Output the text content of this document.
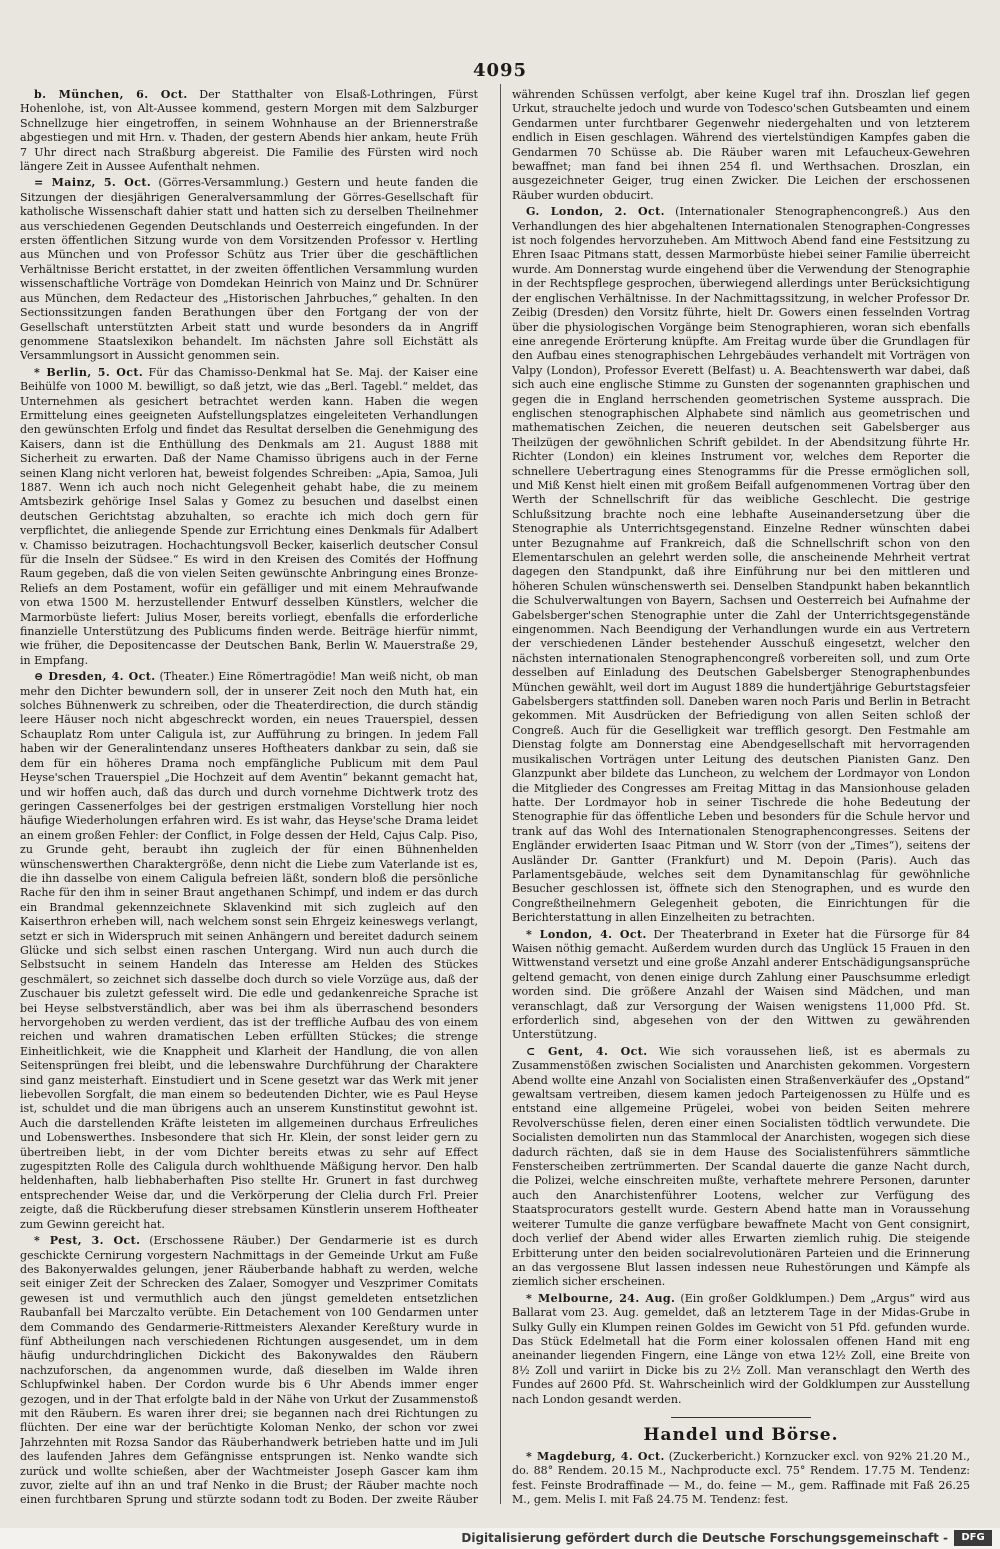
4095

b. München, 6. Oct. Der Statthalter von Elsaß-Lothringen, Fürst Hohenlohe, ist, von Alt-Aussee kommend, gestern Morgen mit dem Salzburger Schnellzuge hier eingetroffen, in seinem Wohnhause an der Briennerstraße abgestiegen und mit Hrn. v. Thaden, der gestern Abends hier ankam, heute Früh 7 Uhr direct nach Straßburg abgereist. Die Familie des Fürsten wird noch längere Zeit in Aussee Aufenthalt nehmen.

= Mainz, 5. Oct. (Görres-Versammlung.) Gestern und heute fanden die Sitzungen der diesjährigen Generalversammlung der Görres-Gesellschaft für katholische Wissenschaft dahier statt und hatten sich zu derselben Theilnehmer aus verschiedenen Gegenden Deutschlands und Oesterreich eingefunden. In der ersten öffentlichen Sitzung wurde von dem Vorsitzenden Professor v. Hertling aus München und von Professor Schütz aus Trier über die geschäftlichen Verhältnisse Bericht erstattet, in der zweiten öffentlichen Versammlung wurden wissenschaftliche Vorträge von Domdekan Heinrich von Mainz und Dr. Schnürer aus München, dem Redacteur des „Historischen Jahrbuches,“ gehalten. In den Sectionssitzungen fanden Berathungen über den Fortgang der von der Gesellschaft unterstützten Arbeit statt und wurde besonders da in Angriff genommene Staatslexikon behandelt. Im nächsten Jahre soll Eichstätt als Versammlungsort in Aussicht genommen sein.

* Berlin, 5. Oct. Für das Chamisso-Denkmal hat Se. Maj. der Kaiser eine Beihülfe von 1000 M. bewilligt, so daß jetzt, wie das „Berl. Tagebl.“ meldet, das Unternehmen als gesichert betrachtet werden kann. Haben die wegen Ermittelung eines geeigneten Aufstellungsplatzes eingeleiteten Verhandlungen den gewünschten Erfolg und findet das Resultat derselben die Genehmigung des Kaisers, dann ist die Enthüllung des Denkmals am 21. August 1888 mit Sicherheit zu erwarten. Daß der Name Chamisso übrigens auch in der Ferne seinen Klang nicht verloren hat, beweist folgendes Schreiben: „Apia, Samoa, Juli 1887. Wenn ich auch noch nicht Gelegenheit gehabt habe, die zu meinem Amtsbezirk gehörige Insel Salas y Gomez zu besuchen und daselbst einen deutschen Gerichtstag abzuhalten, so erachte ich mich doch gern für verpflichtet, die anliegende Spende zur Errichtung eines Denkmals für Adalbert v. Chamisso beizutragen. Hochachtungsvoll Becker, kaiserlich deutscher Consul für die Inseln der Südsee.“ Es wird in den Kreisen des Comités der Hoffnung Raum gegeben, daß die von vielen Seiten gewünschte Anbringung eines Bronze-Reliefs an dem Postament, wofür ein gefälliger und mit einem Mehraufwande von etwa 1500 M. herzustellender Entwurf desselben Künstlers, welcher die Marmorbüste liefert: Julius Moser, bereits vorliegt, ebenfalls die erforderliche finanzielle Unterstützung des Publicums finden werde. Beiträge hierfür nimmt, wie früher, die Depositencasse der Deutschen Bank, Berlin W. Mauerstraße 29, in Empfang.

⊖ Dresden, 4. Oct. (Theater.) Eine Römertragödie! Man weiß nicht, ob man mehr den Dichter bewundern soll, der in unserer Zeit noch den Muth hat, ein solches Bühnenwerk zu schreiben, oder die Theaterdirection, die durch ständig leere Häuser noch nicht abgeschreckt worden, ein neues Trauerspiel, dessen Schauplatz Rom unter Caligula ist, zur Aufführung zu bringen. In jedem Fall haben wir der Generalintendanz unseres Hoftheaters dankbar zu sein, daß sie dem für ein höheres Drama noch empfängliche Publicum mit dem Paul Heyse'schen Trauerspiel „Die Hochzeit auf dem Aventin“ bekannt gemacht hat, und wir hoffen auch, daß das durch und durch vornehme Dichtwerk trotz des geringen Cassenerfolges bei der gestrigen erstmaligen Vorstellung hier noch häufige Wiederholungen erfahren wird. Es ist wahr, das Heyse'sche Drama leidet an einem großen Fehler: der Conflict, in Folge dessen der Held, Cajus Calp. Piso, zu Grunde geht, beraubt ihn zugleich der für einen Bühnenhelden wünschenswerthen Charaktergröße, denn nicht die Liebe zum Vaterlande ist es, die ihn dasselbe von einem Caligula befreien läßt, sondern bloß die persönliche Rache für den ihm in seiner Braut angethanen Schimpf, und indem er das durch ein Brandmal gekennzeichnete Sklavenkind mit sich zugleich auf den Kaiserthron erheben will, nach welchem sonst sein Ehrgeiz keineswegs verlangt, setzt er sich in Widerspruch mit seinen Anhängern und bereitet dadurch seinem Glücke und sich selbst einen raschen Untergang. Wird nun auch durch die Selbstsucht in seinem Handeln das Interesse am Helden des Stückes geschmälert, so zeichnet sich dasselbe doch durch so viele Vorzüge aus, daß der Zuschauer bis zuletzt gefesselt wird. Die edle und gedankenreiche Sprache ist bei Heyse selbstverständlich, aber was bei ihm als überraschend besonders hervorgehoben zu werden verdient, das ist der treffliche Aufbau des von einem reichen und wahren dramatischen Leben erfüllten Stückes; die strenge Einheitlichkeit, wie die Knappheit und Klarheit der Handlung, die von allen Seitensprüngen frei bleibt, und die lebenswahre Durchführung der Charaktere sind ganz meisterhaft. Einstudiert und in Scene gesetzt war das Werk mit jener liebevollen Sorgfalt, die man einem so bedeutenden Dichter, wie es Paul Heyse ist, schuldet und die man übrigens auch an unserem Kunstinstitut gewohnt ist. Auch die darstellenden Kräfte leisteten im allgemeinen durchaus Erfreuliches und Lobenswerthes. Insbesondere that sich Hr. Klein, der sonst leider gern zu übertreiben liebt, in der vom Dichter bereits etwas zu sehr auf Effect zugespitzten Rolle des Caligula durch wohlthuende Mäßigung hervor. Den halb heldenhaften, halb liebhaberhaften Piso stellte Hr. Grunert in fast durchweg entsprechender Weise dar, und die Verkörperung der Clelia durch Frl. Preier zeigte, daß die Rückberufung dieser strebsamen Künstlerin unserem Hoftheater zum Gewinn gereicht hat.

* Pest, 3. Oct. (Erschossene Räuber.) Der Gendarmerie ist es durch geschickte Cernirung vorgestern Nachmittags in der Gemeinde Urkut am Fuße des Bakonyerwaldes gelungen, jener Räuberbande habhaft zu werden, welche seit einiger Zeit der Schrecken des Zalaer, Somogyer und Veszprimer Comitats gewesen ist und vermuthlich auch den jüngst gemeldeten entsetzlichen Raubanfall bei Marczalto verübte. Ein Detachement von 100 Gendarmen unter dem Commando des Gendarmerie-Rittmeisters Alexander Kereßtury wurde in fünf Abtheilungen nach verschiedenen Richtungen ausgesendet, um in dem häufig undurchdringlichen Dickicht des Bakonywaldes den Räubern nachzuforschen, da angenommen wurde, daß dieselben im Walde ihren Schlupfwinkel haben. Der Cordon wurde bis 6 Uhr Abends immer enger gezogen, und in der That erfolgte bald in der Nähe von Urkut der Zusammenstoß mit den Räubern. Es waren ihrer drei; sie begannen nach drei Richtungen zu flüchten. Der eine war der berüchtigte Koloman Nenko, der schon vor zwei Jahrzehnten mit Rozsa Sandor das Räuberhandwerk betrieben hatte und im Juli des laufenden Jahres dem Gefängnisse entsprungen ist. Nenko wandte sich zurück und wollte schießen, aber der Wachtmeister Joseph Gascer kam ihm zuvor, zielte auf ihn an und traf Nenko in die Brust; der Räuber machte noch einen furchtbaren Sprung und stürzte sodann todt zu Boden. Der zweite Räuber

währenden Schüssen verfolgt, aber keine Kugel traf ihn. Droszlan lief gegen Urkut, strauchelte jedoch und wurde von Todesco'schen Gutsbeamten und einem Gendarmen unter furchtbarer Gegenwehr niedergehalten und von letzterem endlich in Eisen geschlagen. Während des viertelstündigen Kampfes gaben die Gendarmen 70 Schüsse ab. Die Räuber waren mit Lefaucheux-Gewehren bewaffnet; man fand bei ihnen 254 fl. und Werthsachen. Droszlan, ein ausgezeichneter Geiger, trug einen Zwicker. Die Leichen der erschossenen Räuber wurden obducirt.

G. London, 2. Oct. (Internationaler Stenographencongreß.) Aus den Verhandlungen des hier abgehaltenen Internationalen Stenographen-Congresses ist noch folgendes hervorzuheben. Am Mittwoch Abend fand eine Festsitzung zu Ehren Isaac Pitmans statt, dessen Marmorbüste hiebei seiner Familie überreicht wurde. Am Donnerstag wurde eingehend über die Verwendung der Stenographie in der Rechtspflege gesprochen, überwiegend allerdings unter Berücksichtigung der englischen Verhältnisse. In der Nachmittagssitzung, in welcher Professor Dr. Zeibig (Dresden) den Vorsitz führte, hielt Dr. Gowers einen fesselnden Vortrag über die physiologischen Vorgänge beim Stenographieren, woran sich ebenfalls eine anregende Erörterung knüpfte. Am Freitag wurde über die Grundlagen für den Aufbau eines stenographischen Lehrgebäudes verhandelt mit Vorträgen von Valpy (London), Professor Everett (Belfast) u. A. Beachtenswerth war dabei, daß sich auch eine englische Stimme zu Gunsten der sogenannten graphischen und gegen die in England herrschenden geometrischen Systeme aussprach. Die englischen stenographischen Alphabete sind nämlich aus geometrischen und mathematischen Zeichen, die neueren deutschen seit Gabelsberger aus Theilzügen der gewöhnlichen Schrift gebildet. In der Abendsitzung führte Hr. Richter (London) ein kleines Instrument vor, welches dem Reporter die schnellere Uebertragung eines Stenogramms für die Presse ermöglichen soll, und Miß Kenst hielt einen mit großem Beifall aufgenommenen Vortrag über den Werth der Schnellschrift für das weibliche Geschlecht. Die gestrige Schlußsitzung brachte noch eine lebhafte Auseinandersetzung über die Stenographie als Unterrichtsgegenstand. Einzelne Redner wünschten dabei unter Bezugnahme auf Frankreich, daß die Schnellschrift schon von den Elementarschulen an gelehrt werden solle, die anscheinende Mehrheit vertrat dagegen den Standpunkt, daß ihre Einführung nur bei den mittleren und höheren Schulen wünschenswerth sei. Denselben Standpunkt haben bekanntlich die Schulverwaltungen von Bayern, Sachsen und Oesterreich bei Aufnahme der Gabelsberger'schen Stenographie unter die Zahl der Unterrichtsgegenstände eingenommen. Nach Beendigung der Verhandlungen wurde ein aus Vertretern der verschiedenen Länder bestehender Ausschuß eingesetzt, welcher den nächsten internationalen Stenographencongreß vorbereiten soll, und zum Orte desselben auf Einladung des Deutschen Gabelsberger Stenographenbundes München gewählt, weil dort im August 1889 die hundertjährige Geburtstagsfeier Gabelsbergers stattfinden soll. Daneben waren noch Paris und Berlin in Betracht gekommen. Mit Ausdrücken der Befriedigung von allen Seiten schloß der Congreß. Auch für die Geselligkeit war trefflich gesorgt. Den Festmahle am Dienstag folgte am Donnerstag eine Abendgesellschaft mit hervorragenden musikalischen Vorträgen unter Leitung des deutschen Pianisten Ganz. Den Glanzpunkt aber bildete das Luncheon, zu welchem der Lordmayor von London die Mitglieder des Congresses am Freitag Mittag in das Mansionhouse geladen hatte. Der Lordmayor hob in seiner Tischrede die hohe Bedeutung der Stenographie für das öffentliche Leben und besonders für die Schule hervor und trank auf das Wohl des Internationalen Stenographencongresses. Seitens der Engländer erwiderten Isaac Pitman und W. Storr (von der „Times“), seitens der Ausländer Dr. Gantter (Frankfurt) und M. Depoin (Paris). Auch das Parlamentsgebäude, welches seit dem Dynamitanschlag für gewöhnliche Besucher geschlossen ist, öffnete sich den Stenographen, und es wurde den Congreßtheilnehmern Gelegenheit geboten, die Einrichtungen für die Berichterstattung in allen Einzelheiten zu betrachten.

* London, 4. Oct. Der Theaterbrand in Exeter hat die Fürsorge für 84 Waisen nöthig gemacht. Außerdem wurden durch das Unglück 15 Frauen in den Wittwenstand versetzt und eine große Anzahl anderer Entschädigungsansprüche geltend gemacht, von denen einige durch Zahlung einer Pauschsumme erledigt worden sind. Die größere Anzahl der Waisen sind Mädchen, und man veranschlagt, daß zur Versorgung der Waisen wenigstens 11,000 Pfd. St. erforderlich sind, abgesehen von der den Wittwen zu gewährenden Unterstützung.

⊂ Gent, 4. Oct. Wie sich voraussehen ließ, ist es abermals zu Zusammenstößen zwischen Socialisten und Anarchisten gekommen. Vorgestern Abend wollte eine Anzahl von Socialisten einen Straßenverkäufer des „Opstand“ gewaltsam vertreiben, diesem kamen jedoch Parteigenossen zu Hülfe und es entstand eine allgemeine Prügelei, wobei von beiden Seiten mehrere Revolverschüsse fielen, deren einer einen Socialisten tödtlich verwundete. Die Socialisten demolirten nun das Stammlocal der Anarchisten, wogegen sich diese dadurch rächten, daß sie in dem Hause des Socialistenführers sämmtliche Fensterscheiben zertrümmerten. Der Scandal dauerte die ganze Nacht durch, die Polizei, welche einschreiten mußte, verhaftete mehrere Personen, darunter auch den Anarchistenführer Lootens, welcher zur Verfügung des Staatsprocurators gestellt wurde. Gestern Abend hatte man in Voraussehung weiterer Tumulte die ganze verfügbare bewaffnete Macht von Gent consignirt, doch verlief der Abend wider alles Erwarten ziemlich ruhig. Die steigende Erbitterung unter den beiden socialrevolutionären Parteien und die Erinnerung an das vergossene Blut lassen indessen neue Ruhestörungen und Kämpfe als ziemlich sicher erscheinen.

* Melbourne, 24. Aug. (Ein großer Goldklumpen.) Dem „Argus“ wird aus Ballarat vom 23. Aug. gemeldet, daß an letzterem Tage in der Midas-Grube in Sulky Gully ein Klumpen reinen Goldes im Gewicht von 51 Pfd. gefunden wurde. Das Stück Edelmetall hat die Form einer kolossalen offenen Hand mit eng aneinander liegenden Fingern, eine Länge von etwa 12½ Zoll, eine Breite von 8½ Zoll und variirt in Dicke bis zu 2½ Zoll. Man veranschlagt den Werth des Fundes auf 2600 Pfd. St. Wahrscheinlich wird der Goldklumpen zur Ausstellung nach London gesandt werden.

Handel und Börse.

* Magdeburg, 4. Oct. (Zuckerbericht.) Kornzucker excl. von 92% 21.20 M., do. 88° Rendem. 20.15 M., Nachproducte excl. 75° Rendem. 17.75 M. Tendenz: fest. Feinste Brodraffinade — M., do. feine — M., gem. Raffinade mit Faß 26.25 M., gem. Melis I. mit Faß 24.75 M. Tendenz: fest.

Digitalisierung gefördert durch die Deutsche Forschungsgemeinschaft -	DFG
